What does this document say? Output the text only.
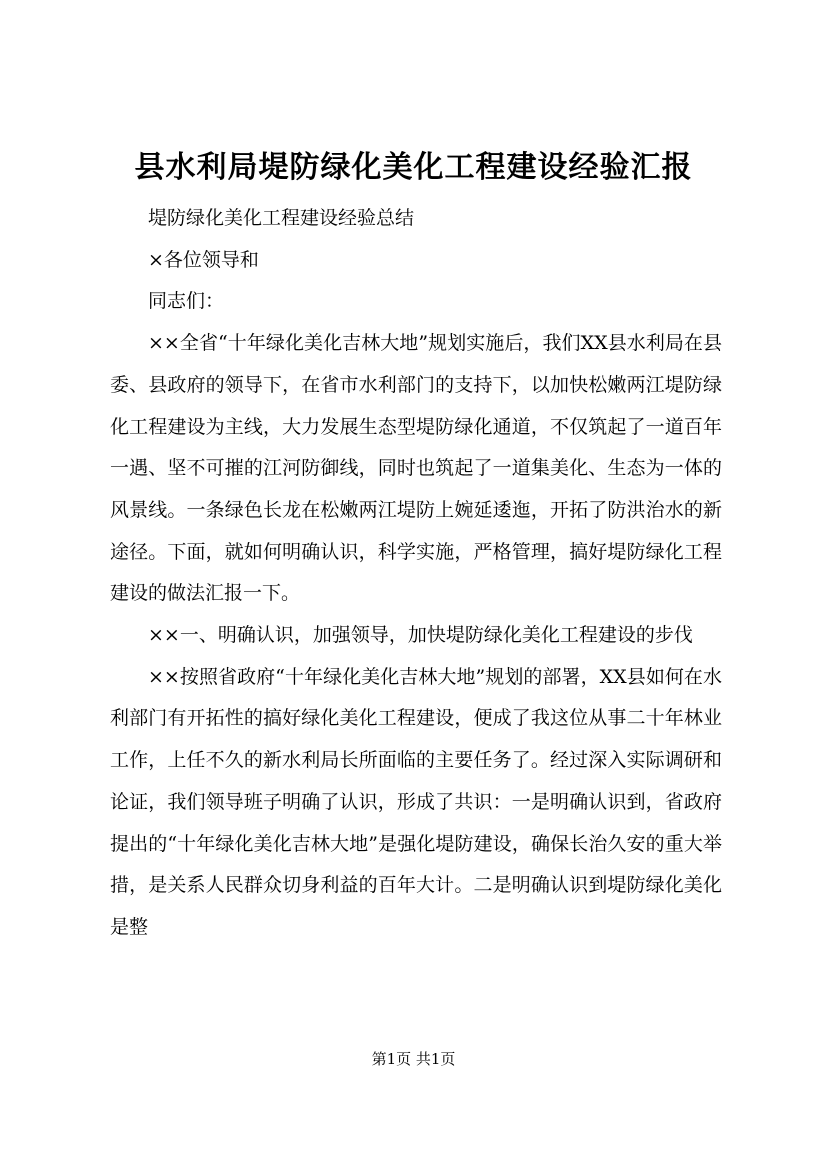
县水利局堤防绿化美化工程建设经验汇报

堤防绿化美化工程建设经验总结

×各位领导和

同志们：

××全省“十年绿化美化吉林大地”规划实施后，我们XX县水利局在县委、县政府的领导下，在省市水利部门的支持下，以加快松嫩两江堤防绿化工程建设为主线，大力发展生态型堤防绿化通道，不仅筑起了一道百年一遇、坚不可摧的江河防御线，同时也筑起了一道集美化、生态为一体的风景线。一条绿色长龙在松嫩两江堤防上婉延逶迤，开拓了防洪治水的新途径。下面，就如何明确认识，科学实施，严格管理，搞好堤防绿化工程建设的做法汇报一下。

××一、明确认识，加强领导，加快堤防绿化美化工程建设的步伐

××按照省政府“十年绿化美化吉林大地”规划的部署，XX县如何在水利部门有开拓性的搞好绿化美化工程建设，便成了我这位从事二十年林业工作，上任不久的新水利局长所面临的主要任务了。经过深入实际调研和论证，我们领导班子明确了认识，形成了共识：一是明确认识到，省政府提出的“十年绿化美化吉林大地”是强化堤防建设，确保长治久安的重大举措，是关系人民群众切身利益的百年大计。二是明确认识到堤防绿化美化是整

第1页 共1页
